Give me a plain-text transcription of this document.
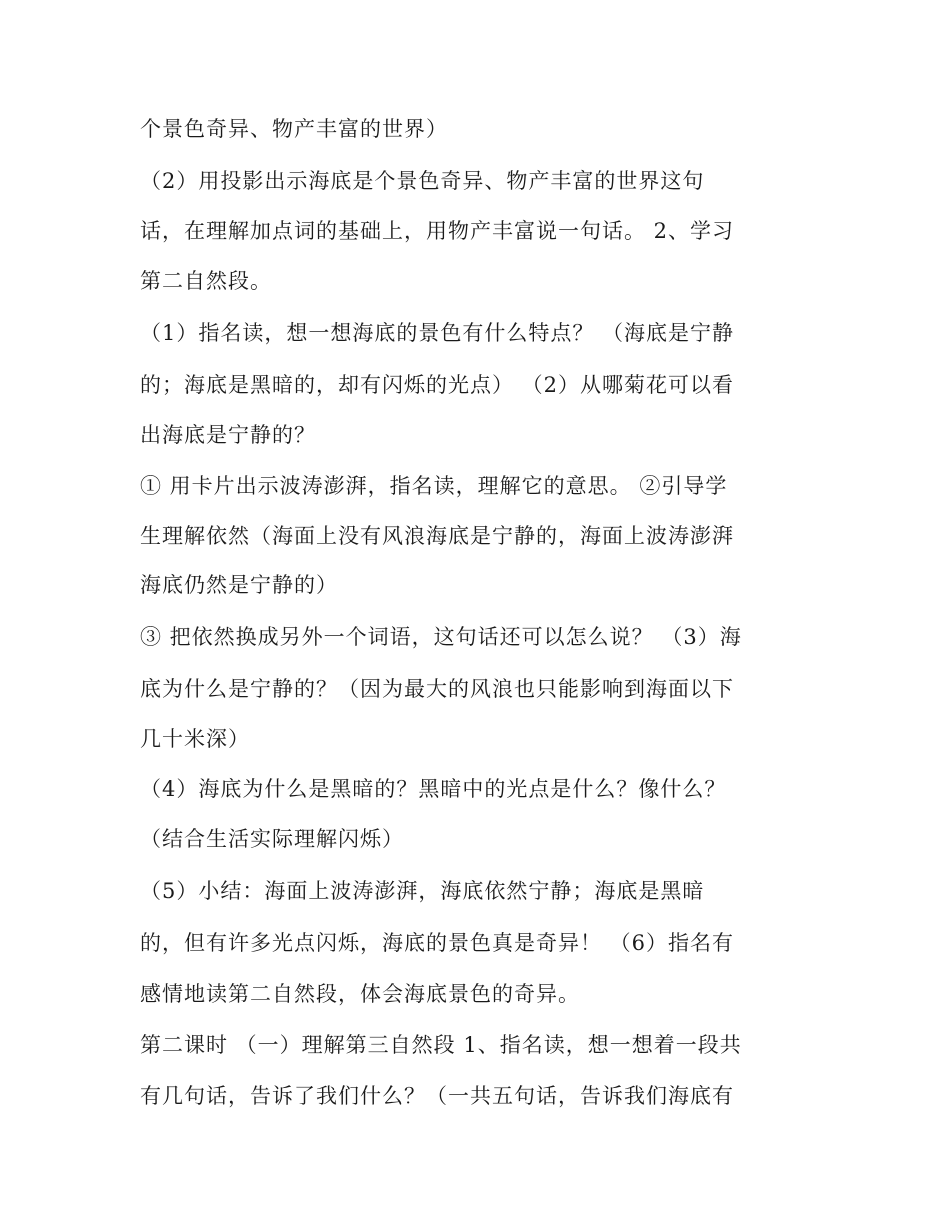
个景色奇异、物产丰富的世界）
（2）用投影出示海底是个景色奇异、物产丰富的世界这句
话，在理解加点词的基础上，用物产丰富说一句话。 2、学习
第二自然段。
（1）指名读，想一想海底的景色有什么特点？ （海底是宁静
的；海底是黑暗的，却有闪烁的光点） （2）从哪菊花可以看
出海底是宁静的？
① 用卡片出示波涛澎湃，指名读，理解它的意思。 ②引导学
生理解依然（海面上没有风浪海底是宁静的，海面上波涛澎湃
海底仍然是宁静的）
③ 把依然换成另外一个词语，这句话还可以怎么说？ （3）海
底为什么是宁静的？（因为最大的风浪也只能影响到海面以下
几十米深）
（4）海底为什么是黑暗的？黑暗中的光点是什么？像什么？
（结合生活实际理解闪烁）
（5）小结：海面上波涛澎湃，海底依然宁静；海底是黑暗
的，但有许多光点闪烁，海底的景色真是奇异！ （6）指名有
感情地读第二自然段，体会海底景色的奇异。
第二课时 （一）理解第三自然段 1、指名读，想一想着一段共
有几句话，告诉了我们什么？（一共五句话，告诉我们海底有
